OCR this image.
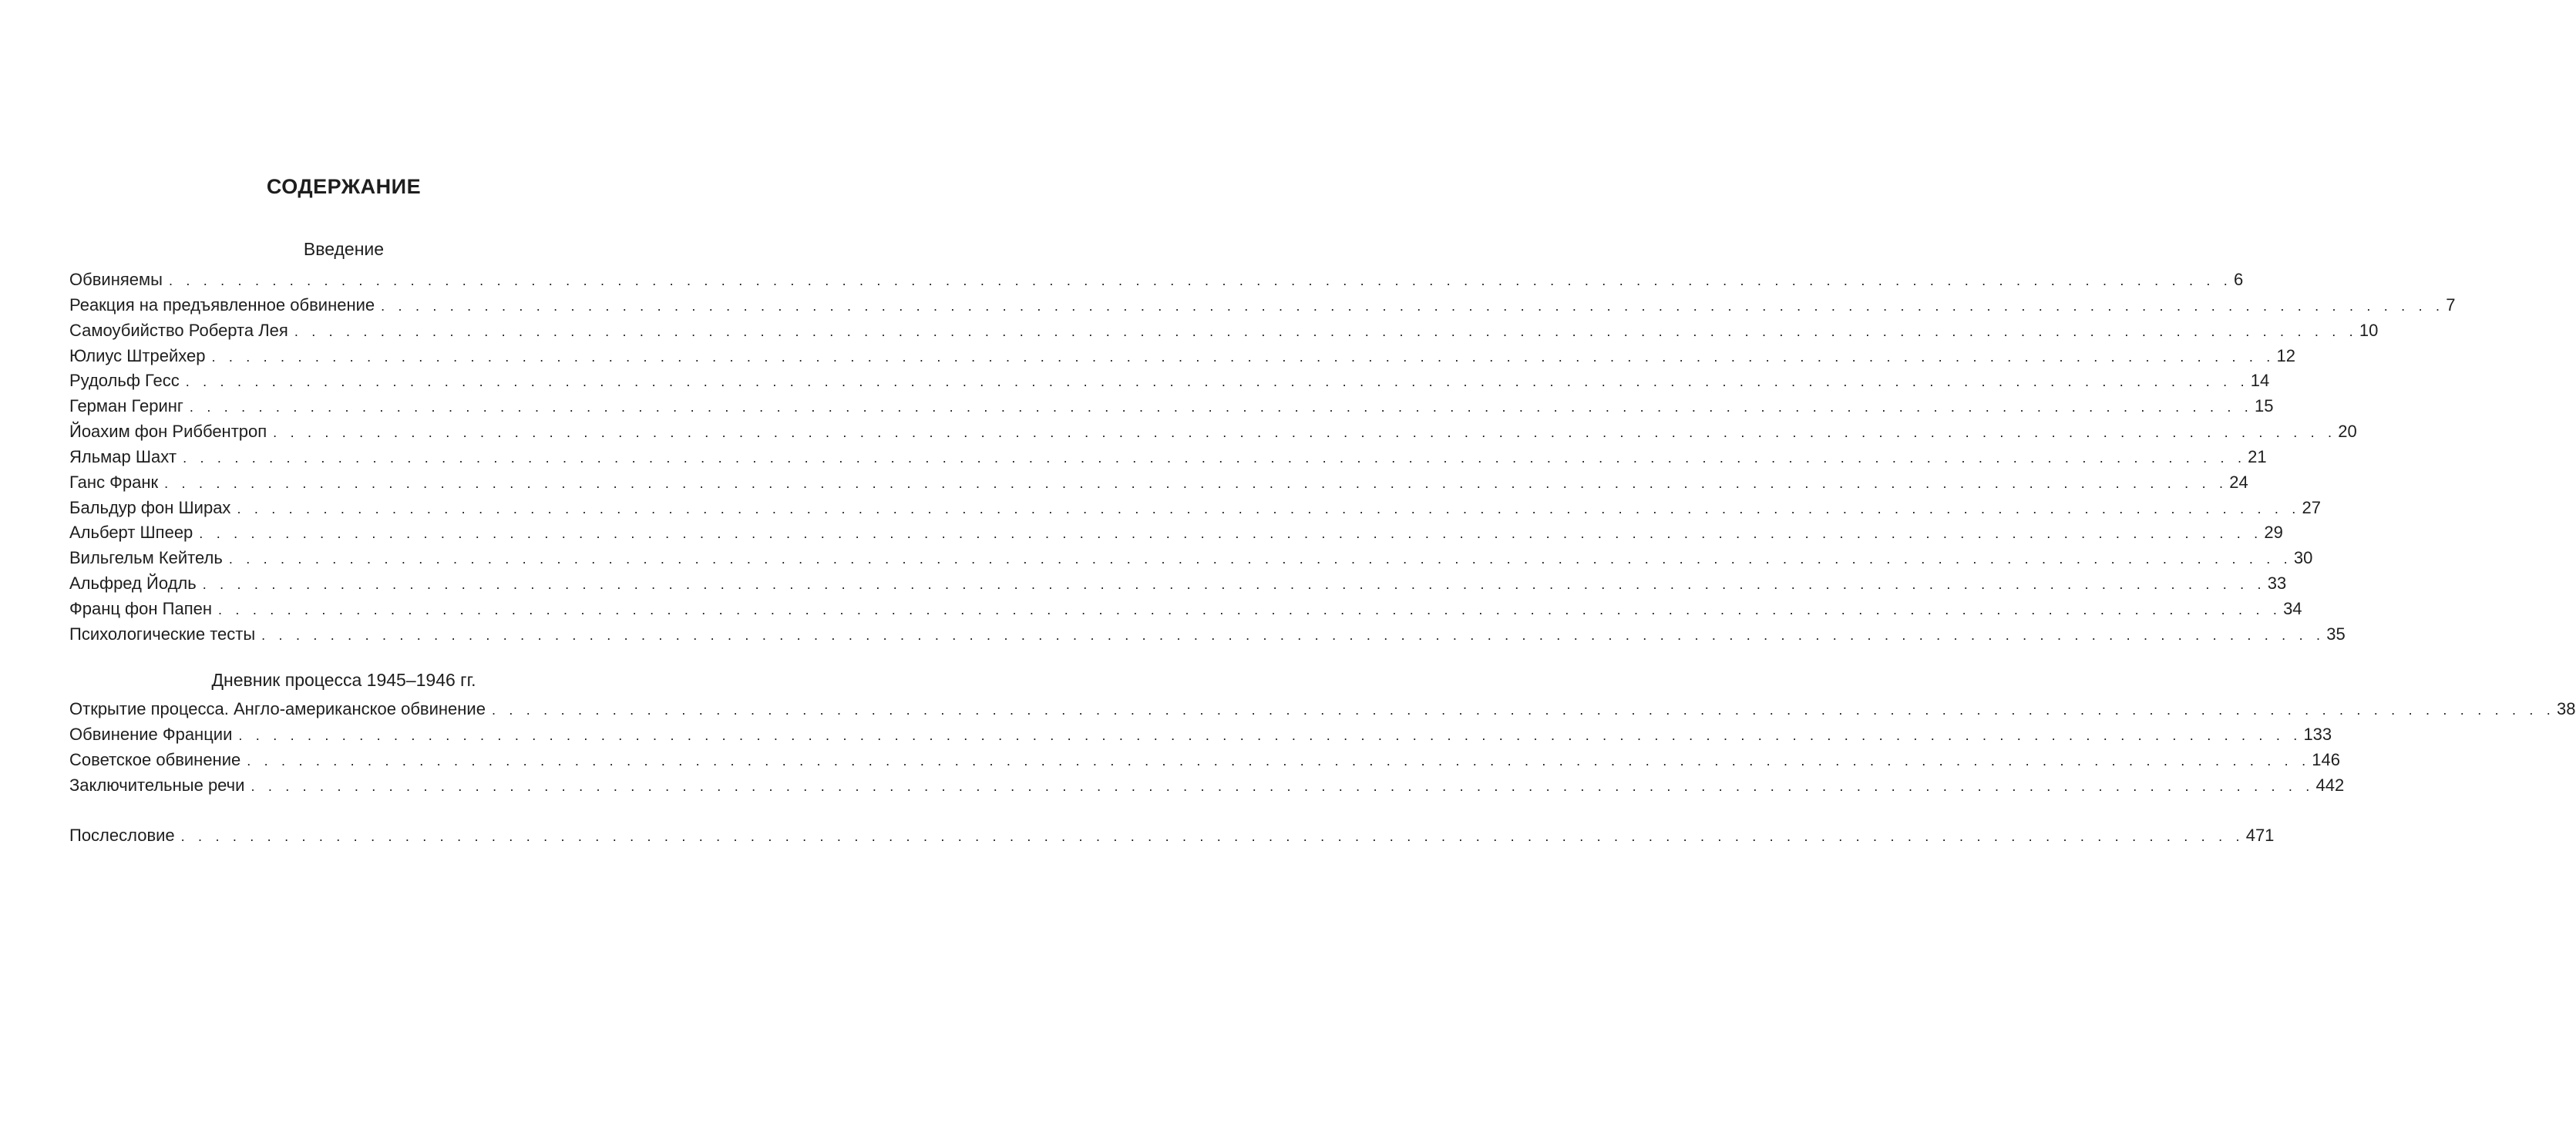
СОДЕРЖАНИЕ
Введение
Обвиняемы . . . . . . . . . . . . . . . . . . . . . . . . . . . . . . . . . . . . . . . . . . . . . . . . . . . . . . . . . . . . . . . . . . . . . . . . . . . . . . . . . . . . . . . . . . . . . . . . . . . . . . . . . . . . . . . . . . . . . . . . 6
Реакция на предъявленное обвинение . . . . . . . . . . . . . . . . . . . . . . . . . . . . . . . . . . . . . . . . . . . . . . . . . . . . . . . . . . . . . . . . . . . . . . . . . . . . . . . . . . . . . . . . . . . . . . . . . . . . . . . . . . . . . . . . . . . . . . . . 7
Самоубийство Роберта Лея . . . . . . . . . . . . . . . . . . . . . . . . . . . . . . . . . . . . . . . . . . . . . . . . . . . . . . . . . . . . . . . . . . . . . . . . . . . . . . . . . . . . . . . . . . . . . . . . . . . . . . . . . . . . . . . . . . . . . . . . 10
Юлиус Штрейхер . . . . . . . . . . . . . . . . . . . . . . . . . . . . . . . . . . . . . . . . . . . . . . . . . . . . . . . . . . . . . . . . . . . . . . . . . . . . . . . . . . . . . . . . . . . . . . . . . . . . . . . . . . . . . . . . . . . . . . . . 12
Рудольф Гесс . . . . . . . . . . . . . . . . . . . . . . . . . . . . . . . . . . . . . . . . . . . . . . . . . . . . . . . . . . . . . . . . . . . . . . . . . . . . . . . . . . . . . . . . . . . . . . . . . . . . . . . . . . . . . . . . . . . . . . . . 14
Герман Геринг . . . . . . . . . . . . . . . . . . . . . . . . . . . . . . . . . . . . . . . . . . . . . . . . . . . . . . . . . . . . . . . . . . . . . . . . . . . . . . . . . . . . . . . . . . . . . . . . . . . . . . . . . . . . . . . . . . . . . . . . 15
Йоахим фон Риббентроп . . . . . . . . . . . . . . . . . . . . . . . . . . . . . . . . . . . . . . . . . . . . . . . . . . . . . . . . . . . . . . . . . . . . . . . . . . . . . . . . . . . . . . . . . . . . . . . . . . . . . . . . . . . . . . . . . . . . . . . . 20
Яльмар Шахт . . . . . . . . . . . . . . . . . . . . . . . . . . . . . . . . . . . . . . . . . . . . . . . . . . . . . . . . . . . . . . . . . . . . . . . . . . . . . . . . . . . . . . . . . . . . . . . . . . . . . . . . . . . . . . . . . . . . . . . . 21
Ганс Франк . . . . . . . . . . . . . . . . . . . . . . . . . . . . . . . . . . . . . . . . . . . . . . . . . . . . . . . . . . . . . . . . . . . . . . . . . . . . . . . . . . . . . . . . . . . . . . . . . . . . . . . . . . . . . . . . . . . . . . . . 24
Бальдур фон Ширах . . . . . . . . . . . . . . . . . . . . . . . . . . . . . . . . . . . . . . . . . . . . . . . . . . . . . . . . . . . . . . . . . . . . . . . . . . . . . . . . . . . . . . . . . . . . . . . . . . . . . . . . . . . . . . . . . . . . . . . . 27
Альберт Шпеер . . . . . . . . . . . . . . . . . . . . . . . . . . . . . . . . . . . . . . . . . . . . . . . . . . . . . . . . . . . . . . . . . . . . . . . . . . . . . . . . . . . . . . . . . . . . . . . . . . . . . . . . . . . . . . . . . . . . . . . . 29
Вильгельм Кейтель . . . . . . . . . . . . . . . . . . . . . . . . . . . . . . . . . . . . . . . . . . . . . . . . . . . . . . . . . . . . . . . . . . . . . . . . . . . . . . . . . . . . . . . . . . . . . . . . . . . . . . . . . . . . . . . . . . . . . . . . 30
Альфред Йодль . . . . . . . . . . . . . . . . . . . . . . . . . . . . . . . . . . . . . . . . . . . . . . . . . . . . . . . . . . . . . . . . . . . . . . . . . . . . . . . . . . . . . . . . . . . . . . . . . . . . . . . . . . . . . . . . . . . . . . . . 33
Франц фон Папен . . . . . . . . . . . . . . . . . . . . . . . . . . . . . . . . . . . . . . . . . . . . . . . . . . . . . . . . . . . . . . . . . . . . . . . . . . . . . . . . . . . . . . . . . . . . . . . . . . . . . . . . . . . . . . . . . . . . . . . . 34
Психологические тесты . . . . . . . . . . . . . . . . . . . . . . . . . . . . . . . . . . . . . . . . . . . . . . . . . . . . . . . . . . . . . . . . . . . . . . . . . . . . . . . . . . . . . . . . . . . . . . . . . . . . . . . . . . . . . . . . . . . . . . . . 35
Дневник процесса 1945–1946 гг.
Открытие процесса. Англо-американское обвинение . . . . . . . . . . . . . . . . . . . . . . . . . . . . . . . . . . . . . . . . . . . . . . . . . . . . . . . . . . . . . . . . . . . . . . . . . . . . . . . . . . . . . . . . . . . . . . . . . . . . . . . . . . . . . . . . . . . . . . . . 38
Обвинение Франции . . . . . . . . . . . . . . . . . . . . . . . . . . . . . . . . . . . . . . . . . . . . . . . . . . . . . . . . . . . . . . . . . . . . . . . . . . . . . . . . . . . . . . . . . . . . . . . . . . . . . . . . . . . . . . . . . . . . . . . . 133
Советское обвинение . . . . . . . . . . . . . . . . . . . . . . . . . . . . . . . . . . . . . . . . . . . . . . . . . . . . . . . . . . . . . . . . . . . . . . . . . . . . . . . . . . . . . . . . . . . . . . . . . . . . . . . . . . . . . . . . . . . . . . . . 146
Заключительные речи . . . . . . . . . . . . . . . . . . . . . . . . . . . . . . . . . . . . . . . . . . . . . . . . . . . . . . . . . . . . . . . . . . . . . . . . . . . . . . . . . . . . . . . . . . . . . . . . . . . . . . . . . . . . . . . . . . . . . . . . 442
Послесловие . . . . . . . . . . . . . . . . . . . . . . . . . . . . . . . . . . . . . . . . . . . . . . . . . . . . . . . . . . . . . . . . . . . . . . . . . . . . . . . . . . . . . . . . . . . . . . . . . . . . . . . . . . . . . . . . . . . . . . . . 471
